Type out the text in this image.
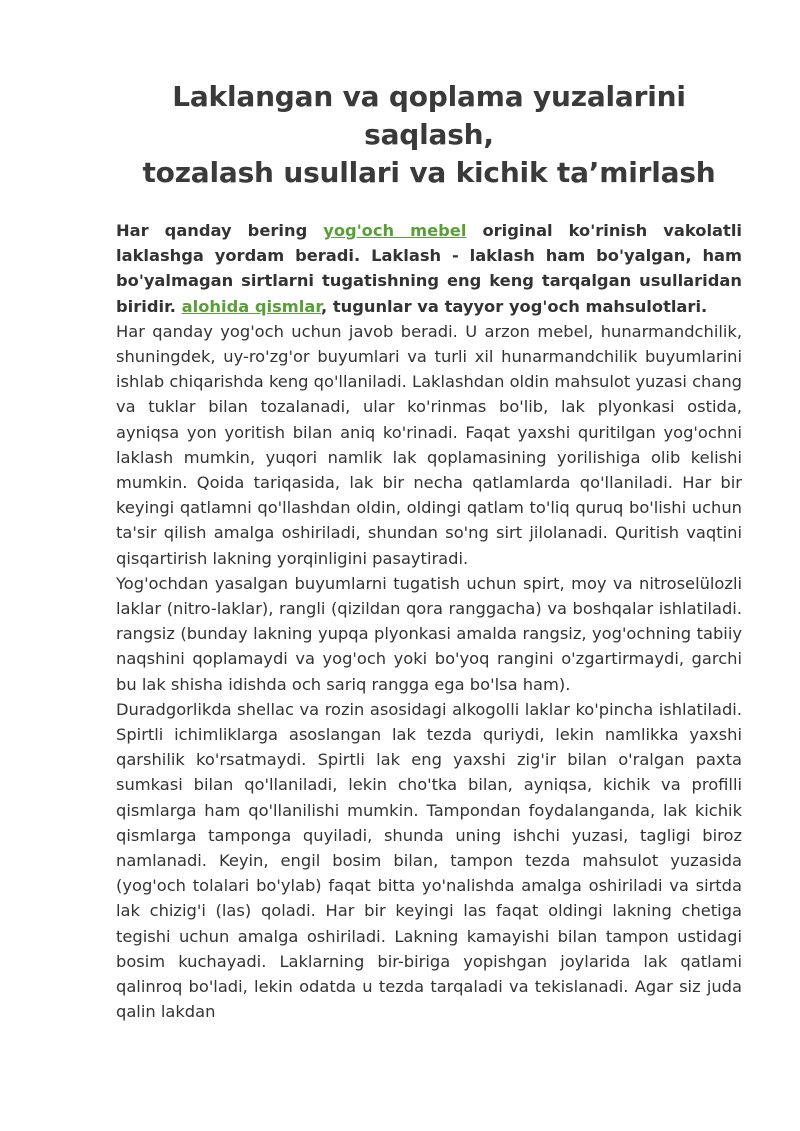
Laklangan va qoplama yuzalarini saqlash,
tozalash usullari va kichik ta’mirlash

Har qanday bering yog'och mebel original ko'rinish vakolatli laklashga yordam beradi. Laklash - laklash ham bo'yalgan, ham bo'yalmagan sirtlarni tugatishning eng keng tarqalgan usullaridan biridir. alohida qismlar, tugunlar va tayyor yog'och mahsulotlari.

Har qanday yog'och uchun javob beradi. U arzon mebel, hunarmandchilik, shuningdek, uy-ro'zg'or buyumlari va turli xil hunarmandchilik buyumlarini ishlab chiqarishda keng qo'llaniladi. Laklashdan oldin mahsulot yuzasi chang va tuklar bilan tozalanadi, ular ko'rinmas bo'lib, lak plyonkasi ostida, ayniqsa yon yoritish bilan aniq ko'rinadi. Faqat yaxshi quritilgan yog'ochni laklash mumkin, yuqori namlik lak qoplamasining yorilishiga olib kelishi mumkin. Qoida tariqasida, lak bir necha qatlamlarda qo'llaniladi. Har bir keyingi qatlamni qo'llashdan oldin, oldingi qatlam to'liq quruq bo'lishi uchun ta'sir qilish amalga oshiriladi, shundan so'ng sirt jilolanadi. Quritish vaqtini qisqartirish lakning yorqinligini pasaytiradi.

Yog'ochdan yasalgan buyumlarni tugatish uchun spirt, moy va nitroselülozli laklar (nitro-laklar), rangli (qizildan qora ranggacha) va boshqalar ishlatiladi. rangsiz (bunday lakning yupqa plyonkasi amalda rangsiz, yog'ochning tabiiy naqshini qoplamaydi va yog'och yoki bo'yoq rangini o'zgartirmaydi, garchi bu lak shisha idishda och sariq rangga ega bo'lsa ham).

Duradgorlikda shellac va rozin asosidagi alkogolli laklar ko'pincha ishlatiladi. Spirtli ichimliklarga asoslangan lak tezda quriydi, lekin namlikka yaxshi qarshilik ko'rsatmaydi. Spirtli lak eng yaxshi zig'ir bilan o'ralgan paxta sumkasi bilan qo'llaniladi, lekin cho'tka bilan, ayniqsa, kichik va profilli qismlarga ham qo'llanilishi mumkin. Tampondan foydalanganda, lak kichik qismlarga tamponga quyiladi, shunda uning ishchi yuzasi, tagligi biroz namlanadi. Keyin, engil bosim bilan, tampon tezda mahsulot yuzasida (yog'och tolalari bo'ylab) faqat bitta yo'nalishda amalga oshiriladi va sirtda lak chizig'i (las) qoladi. Har bir keyingi las faqat oldingi lakning chetiga tegishi uchun amalga oshiriladi. Lakning kamayishi bilan tampon ustidagi bosim kuchayadi. Laklarning bir-biriga yopishgan joylarida lak qatlami qalinroq bo'ladi, lekin odatda u tezda tarqaladi va tekislanadi. Agar siz juda qalin lakdan
